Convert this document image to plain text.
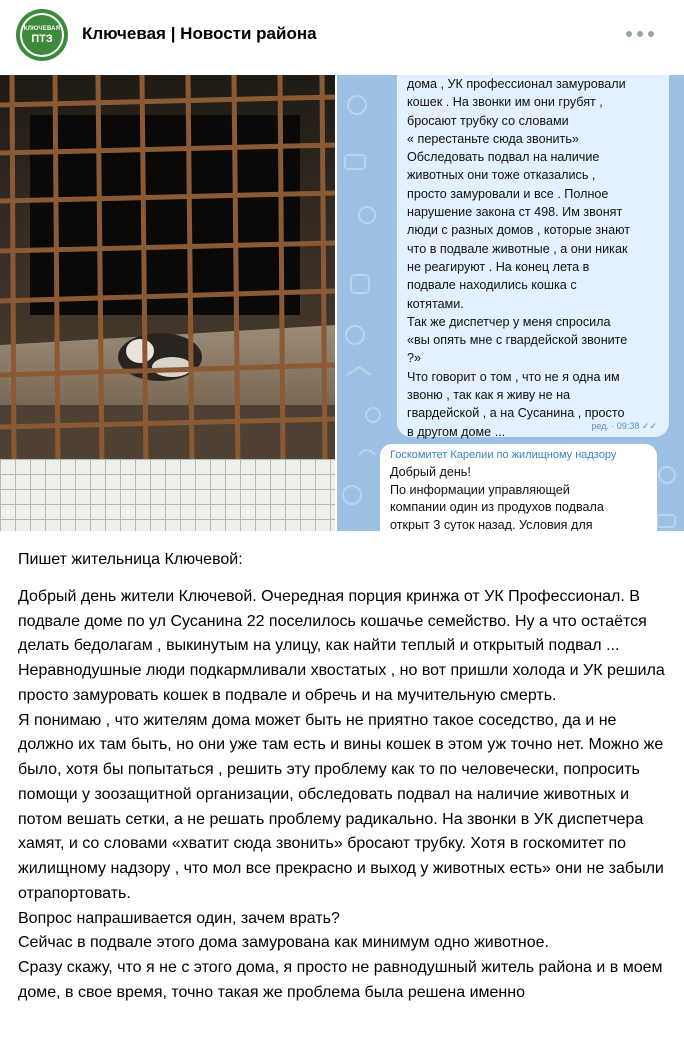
КЛЮЧЕВАЯ
ПТЗ Ключевая | Новости района
дома , УК профессионал замуровали
кошек . На звонки им они грубят ,
бросают трубку со словами
« перестаньте сюда звонить»
Обследовать подвал на наличие
животных они тоже отказались ,
просто замуровали и все . Полное
нарушение закона ст 498. Им звонят
люди с разных домов , которые знают
что в подвале животные , а они никак
не реагируют . На конец лета в
подвале находились кошка с
котятами.
Так же диспетчер у меня спросила
«вы опять мне с гвардейской звоните
?»
Что говорит о том , что не я одна им
звоню , так как я живу не на
гвардейской , а на Сусанина , просто
в другом доме ...	ред. · 09:38 ✓✓
Госкомитет Карелии по жилищному надзору
Добрый день!
По информации управляющей
компании один из продухов подвала
открыт 3 суток назад. Условия для

Пишет жительница Ключевой:

Добрый день жители Ключевой. Очередная порция кринжа от УК Профессионал. В подвале доме по ул Сусанина 22 поселилось кошачье семейство. Ну а что остаётся делать бедолагам , выкинутым на улицу, как найти теплый и открытый подвал ...

Неравнодушные люди подкармливали хвостатых , но вот пришли холода и УК решила просто замуровать кошек в подвале и обречь и на мучительную смерть.

Я понимаю , что жителям дома может быть не приятно такое соседство, да и не должно их там быть, но они уже там есть и вины кошек в этом уж точно нет. Можно же было, хотя бы попытаться , решить эту проблему как то по человечески, попросить помощи у зоозащитной организации, обследовать подвал на наличие животных и потом вешать сетки, а не решать проблему радикально. На звонки в УК диспетчера хамят, и со словами «хватит сюда звонить» бросают трубку. Хотя в госкомитет по жилищному надзору , что мол все прекрасно и выход у животных есть» они не забыли отрапортовать.

Вопрос напрашивается один, зачем врать?

Сейчас в подвале этого дома замурована как минимум одно животное.

Сразу скажу, что я не с этого дома, я просто не равнодушный житель района и в моем доме, в свое время, точно такая же проблема была решена именно
